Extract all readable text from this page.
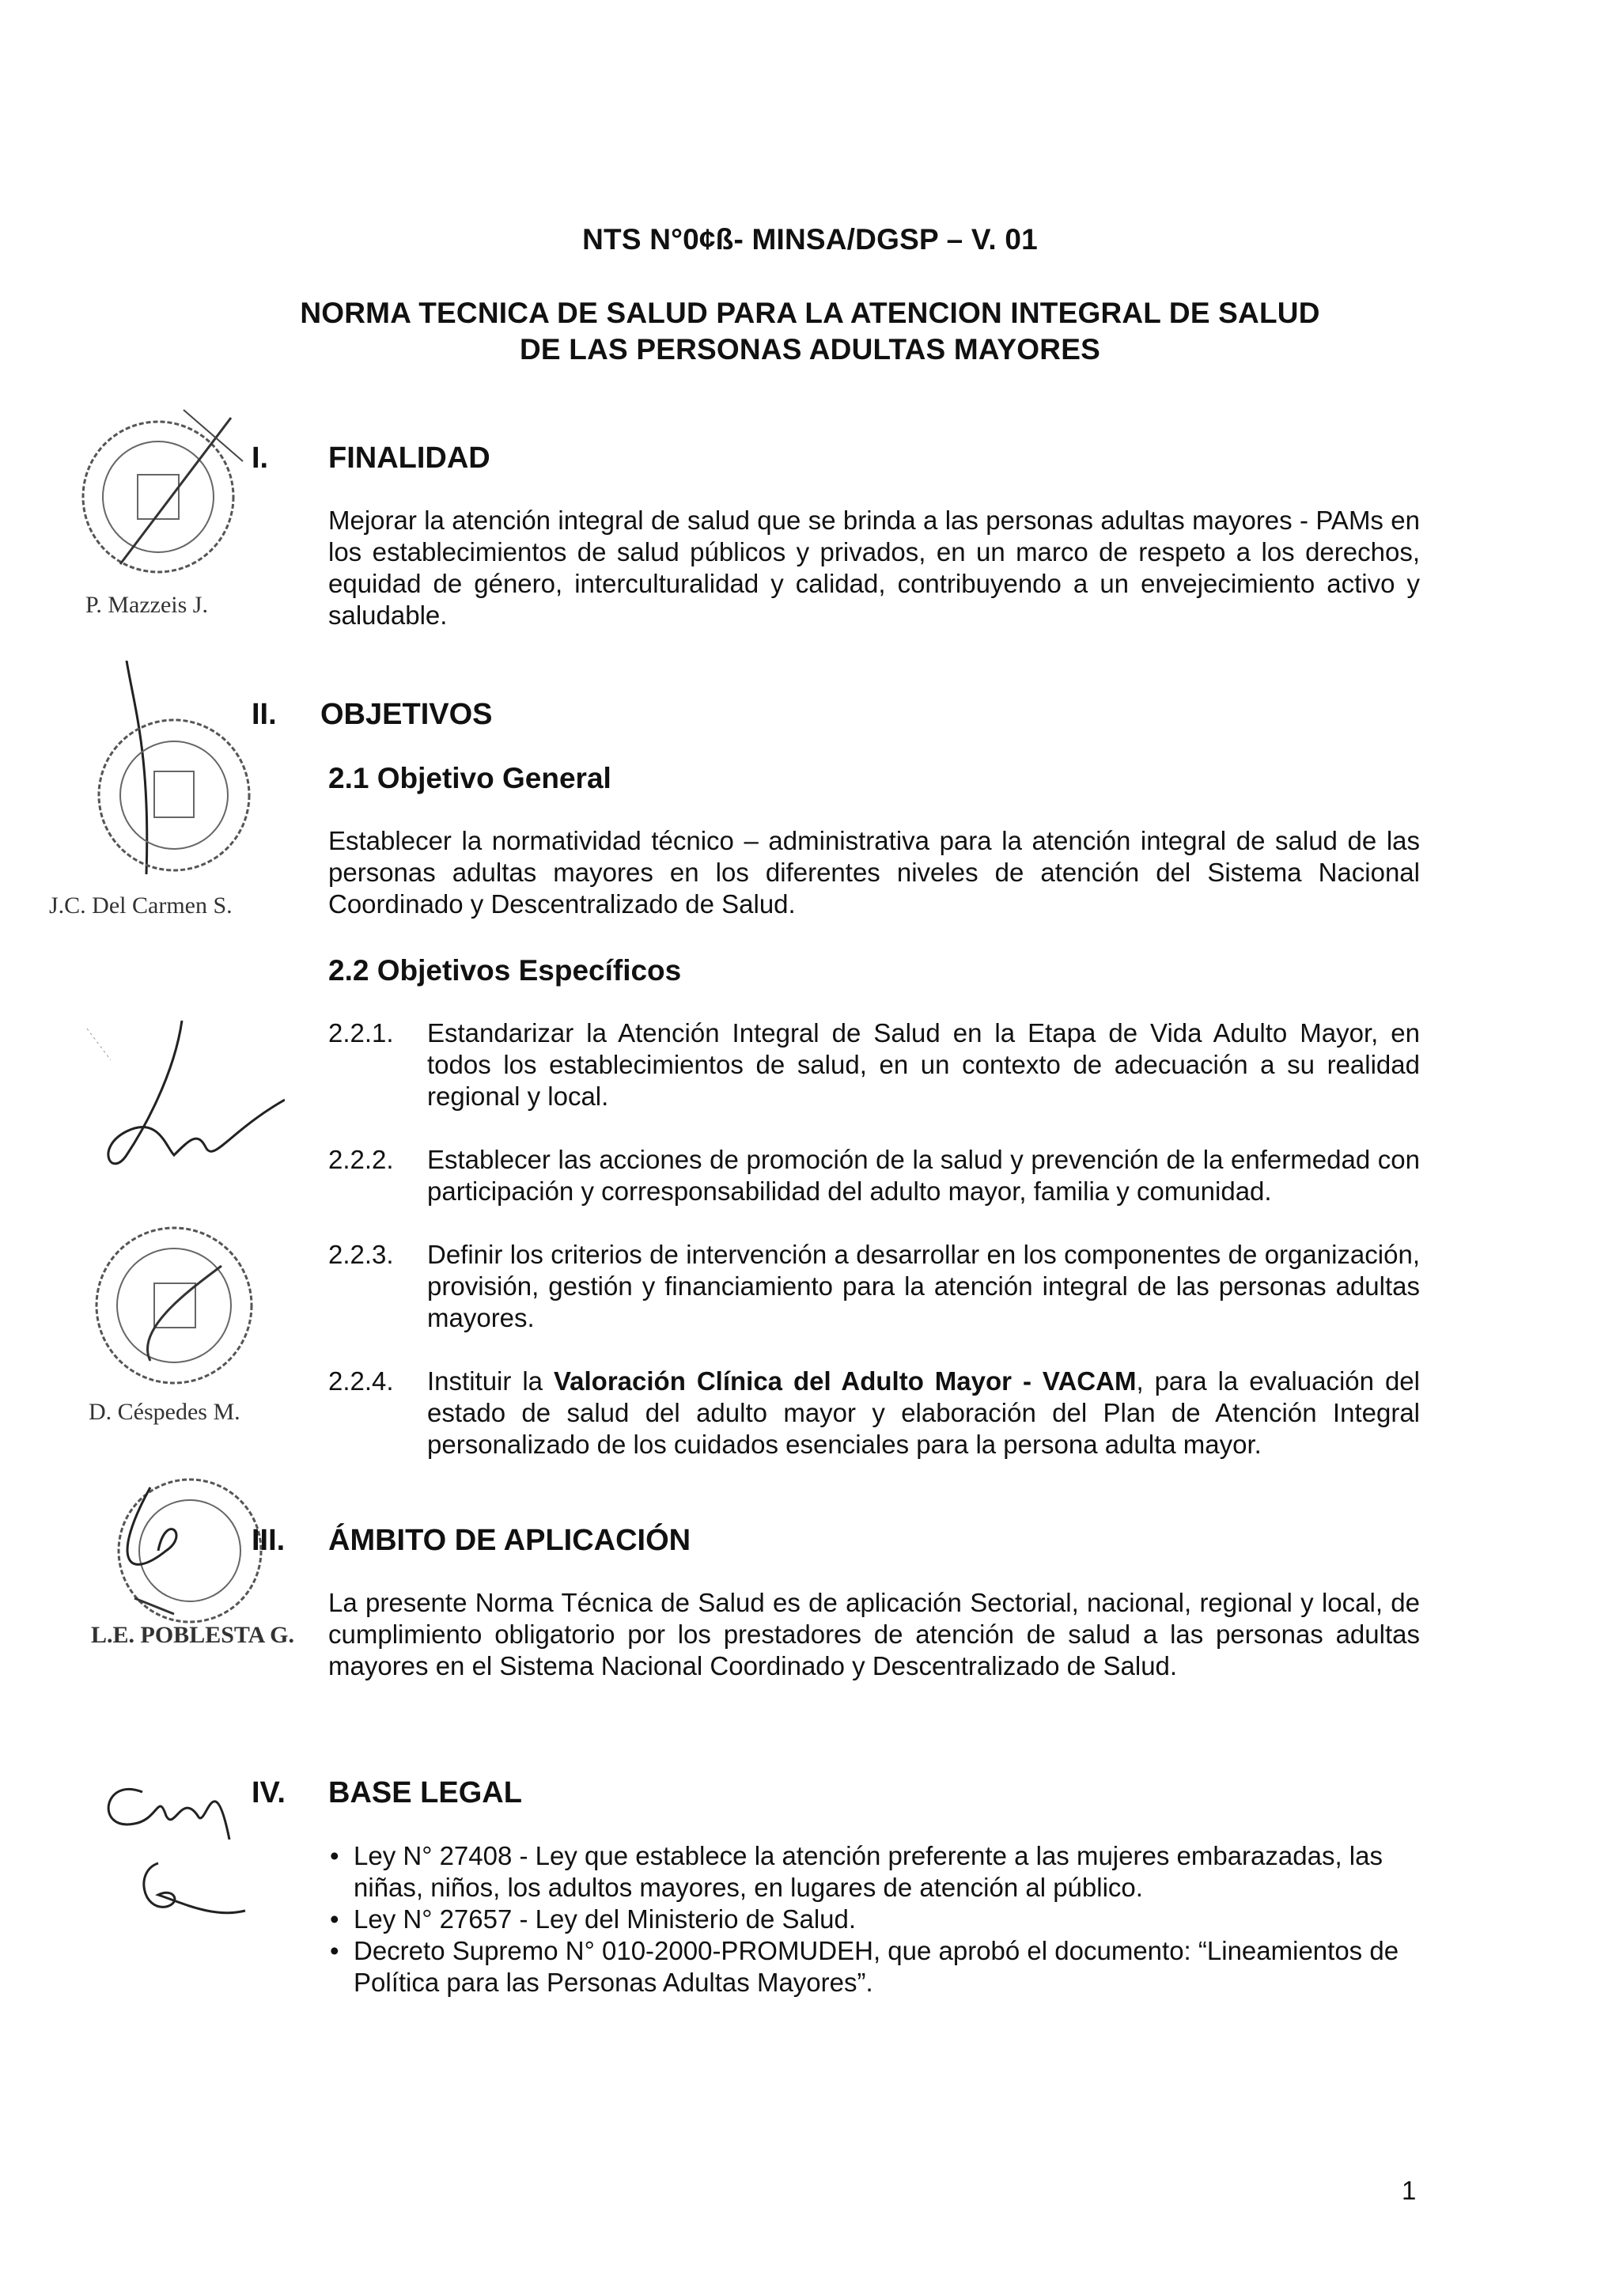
NTS N°0¢ß- MINSA/DGSP – V. 01
NORMA TECNICA DE SALUD PARA LA ATENCION INTEGRAL DE SALUD
DE LAS PERSONAS ADULTAS MAYORES
P. Mazzeis J.
I. FINALIDAD
Mejorar la atención integral de salud que se brinda a las personas adultas mayores - PAMs en los establecimientos de salud públicos y privados, en un marco de respeto a los derechos, equidad de género, interculturalidad y calidad, contribuyendo a un envejecimiento activo y saludable.
J.C. Del Carmen S.
II. OBJETIVOS
2.1 Objetivo General
Establecer la normatividad técnico – administrativa para la atención integral de salud de las personas adultas mayores en los diferentes niveles de atención del Sistema Nacional Coordinado y Descentralizado de Salud.
2.2 Objetivos Específicos
2.2.1. Estandarizar la Atención Integral de Salud en la Etapa de Vida Adulto Mayor, en todos los establecimientos de salud, en un contexto de adecuación a su realidad regional y local.
2.2.2. Establecer las acciones de promoción de la salud y prevención de la enfermedad con participación y corresponsabilidad del adulto mayor, familia y comunidad.
D. Céspedes M.
2.2.3. Definir los criterios de intervención a desarrollar en los componentes de organización, provisión, gestión y financiamiento para la atención integral de las personas adultas mayores.
2.2.4. Instituir la Valoración Clínica del Adulto Mayor - VACAM, para la evaluación del estado de salud del adulto mayor y elaboración del Plan de Atención Integral personalizado de los cuidados esenciales para la persona adulta mayor.
L.E. POBLESTA G.
III. ÁMBITO DE APLICACIÓN
La presente Norma Técnica de Salud es de aplicación Sectorial, nacional, regional y local, de cumplimiento obligatorio por los prestadores de atención de salud a las personas adultas mayores en el Sistema Nacional Coordinado y Descentralizado de Salud.
IV. BASE LEGAL
• Ley N° 27408 - Ley que establece la atención preferente a las mujeres embarazadas, las niñas, niños, los adultos mayores, en lugares de atención al público.
• Ley N° 27657 - Ley del Ministerio de Salud.
• Decreto Supremo N° 010-2000-PROMUDEH, que aprobó el documento: “Lineamientos de Política para las Personas Adultas Mayores”.
1
